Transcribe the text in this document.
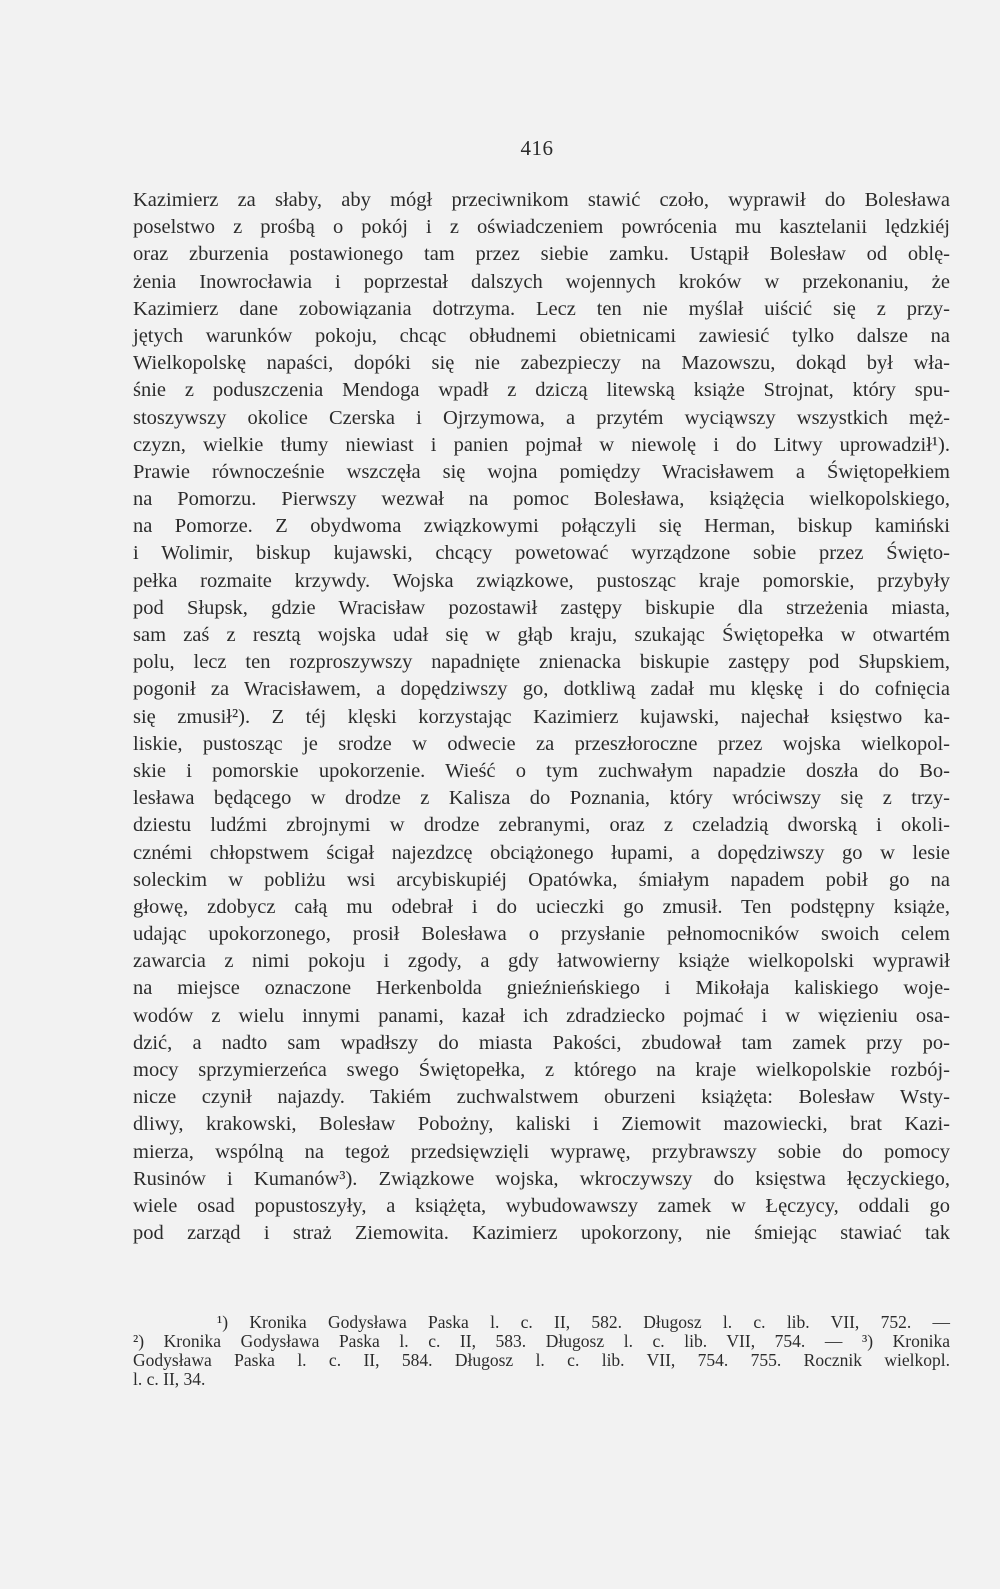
416
Kazimierz za słaby, aby mógł przeciwnikom stawić czoło, wyprawił do Bolesława
poselstwo z prośbą o pokój i z oświadczeniem powrócenia mu kasztelanii lędzkiéj
oraz zburzenia postawionego tam przez siebie zamku. Ustąpił Bolesław od oblę-
żenia Inowrocławia i poprzestał dalszych wojennych kroków w przekonaniu, że
Kazimierz dane zobowiązania dotrzyma. Lecz ten nie myślał uiścić się z przy-
jętych warunków pokoju, chcąc obłudnemi obietnicami zawiesić tylko dalsze na
Wielkopolskę napaści, dopóki się nie zabezpieczy na Mazowszu, dokąd był wła-
śnie z poduszczenia Mendoga wpadł z dziczą litewską książe Strojnat, który spu-
stoszywszy okolice Czerska i Ojrzymowa, a przytém wyciąwszy wszystkich męż-
czyzn, wielkie tłumy niewiast i panien pojmał w niewolę i do Litwy uprowadził¹).
Prawie równocześnie wszczęła się wojna pomiędzy Wracisławem a Świętopełkiem
na Pomorzu. Pierwszy wezwał na pomoc Bolesława, książęcia wielkopolskiego,
na Pomorze. Z obydwoma związkowymi połączyli się Herman, biskup kamiński
i Wolimir, biskup kujawski, chcący powetować wyrządzone sobie przez Święto-
pełka rozmaite krzywdy. Wojska związkowe, pustosząc kraje pomorskie, przybyły
pod Słupsk, gdzie Wracisław pozostawił zastępy biskupie dla strzeżenia miasta,
sam zaś z resztą wojska udał się w głąb kraju, szukając Świętopełka w otwartém
polu, lecz ten rozproszywszy napadnięte znienacka biskupie zastępy pod Słupskiem,
pogonił za Wracisławem, a dopędziwszy go, dotkliwą zadał mu klęskę i do cofnięcia
się zmusił²). Z téj klęski korzystając Kazimierz kujawski, najechał księstwo ka-
liskie, pustosząc je srodze w odwecie za przeszłoroczne przez wojska wielkopol-
skie i pomorskie upokorzenie. Wieść o tym zuchwałym napadzie doszła do Bo-
lesława będącego w drodze z Kalisza do Poznania, który wróciwszy się z trzy-
dziestu ludźmi zbrojnymi w drodze zebranymi, oraz z czeladzią dworską i okoli-
cznémi chłopstwem ścigał najezdzcę obciążonego łupami, a dopędziwszy go w lesie
soleckim w pobliżu wsi arcybiskupiéj Opatówka, śmiałym napadem pobił go na
głowę, zdobycz całą mu odebrał i do ucieczki go zmusił. Ten podstępny książe,
udając upokorzonego, prosił Bolesława o przysłanie pełnomocników swoich celem
zawarcia z nimi pokoju i zgody, a gdy łatwowierny książe wielkopolski wyprawił
na miejsce oznaczone Herkenbolda gnieźnieńskiego i Mikołaja kaliskiego woje-
wodów z wielu innymi panami, kazał ich zdradziecko pojmać i w więzieniu osa-
dzić, a nadto sam wpadłszy do miasta Pakości, zbudował tam zamek przy po-
mocy sprzymierzeńca swego Świętopełka, z którego na kraje wielkopolskie rozbój-
nicze czynił najazdy. Takiém zuchwalstwem oburzeni książęta: Bolesław Wsty-
dliwy, krakowski, Bolesław Pobożny, kaliski i Ziemowit mazowiecki, brat Kazi-
mierza, wspólną na tegoż przedsięwzięli wyprawę, przybrawszy sobie do pomocy
Rusinów i Kumanów³). Związkowe wojska, wkroczywszy do księstwa łęczyckiego,
wiele osad popustoszyły, a książęta, wybudowawszy zamek w Łęczycy, oddali go
pod zarząd i straż Ziemowita. Kazimierz upokorzony, nie śmiejąc stawiać tak
¹) Kronika Godysława Paska l. c. II, 582. Długosz l. c. lib. VII, 752. —
²) Kronika Godysława Paska l. c. II, 583. Długosz l. c. lib. VII, 754. — ³) Kronika
Godysława Paska l. c. II, 584. Długosz l. c. lib. VII, 754. 755. Rocznik wielkopl.
l. c. II, 34.
